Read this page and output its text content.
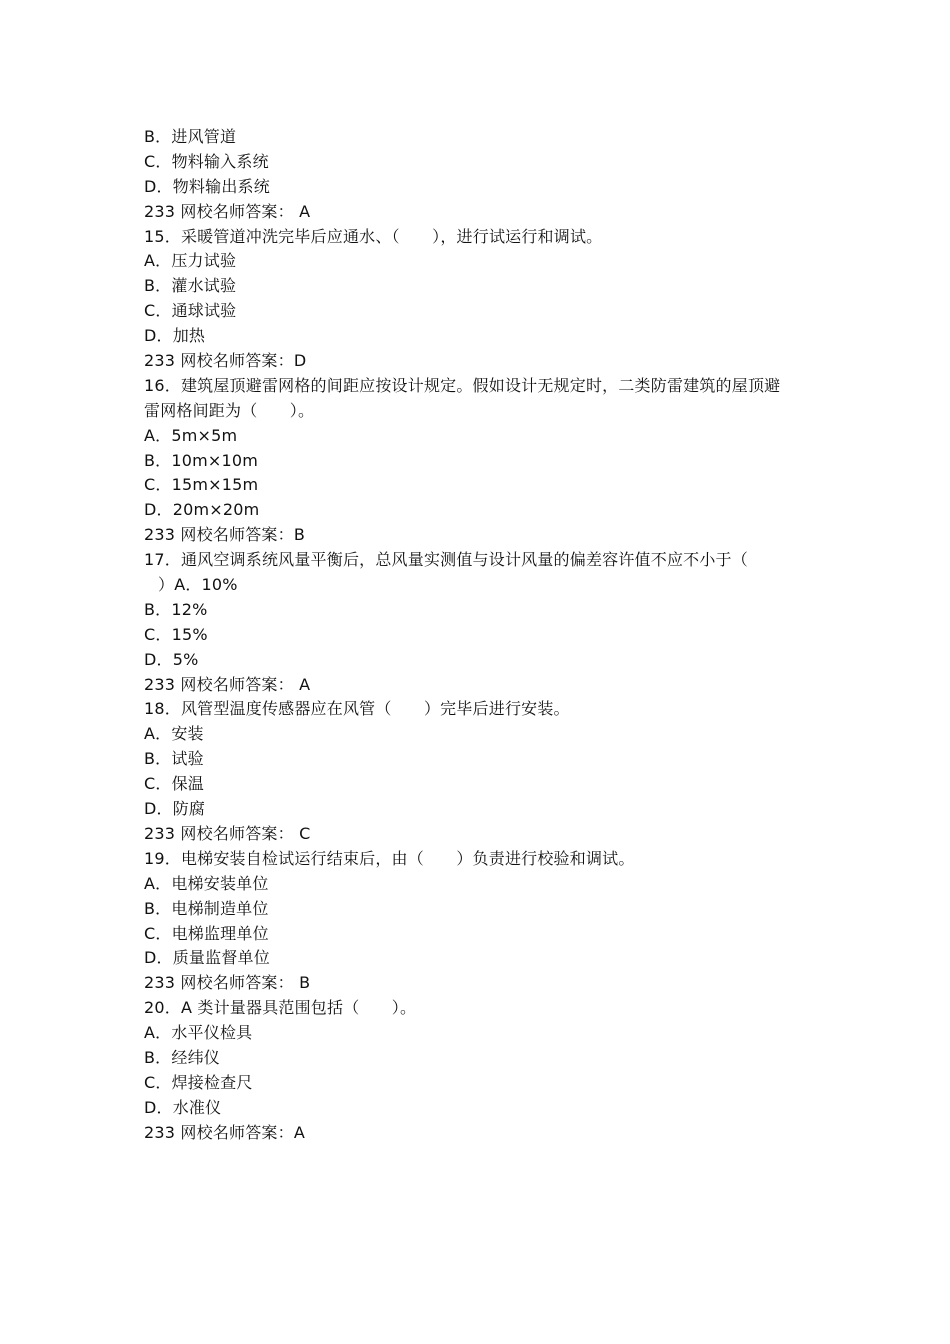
B．进风管道
C．物料输入系统
D．物料输出系统
233 网校名师答案： A
15．采暖管道冲洗完毕后应通水、（　　），进行试运行和调试。
A．压力试验
B．灌水试验
C．通球试验
D．加热
233 网校名师答案：D
16．建筑屋顶避雷网格的间距应按设计规定。假如设计无规定时，二类防雷建筑的屋顶避
雷网格间距为（　　）。
A．5m×5m
B．10m×10m
C．15m×15m
D．20m×20m
233 网校名师答案：B
17．通风空调系统风量平衡后，总风量实测值与设计风量的偏差容许值不应不小于（
）A．10%
B．12%
C．15%
D．5%
233 网校名师答案： A
18．风管型温度传感器应在风管（　　）完毕后进行安装。
A．安装
B．试验
C．保温
D．防腐
233 网校名师答案： C
19．电梯安装自检试运行结束后，由（　　）负责进行校验和调试。
A．电梯安装单位
B．电梯制造单位
C．电梯监理单位
D．质量监督单位
233 网校名师答案： B
20．A 类计量器具范围包括（　　）。
A．水平仪检具
B．经纬仪
C．焊接检查尺
D．水准仪
233 网校名师答案：A
